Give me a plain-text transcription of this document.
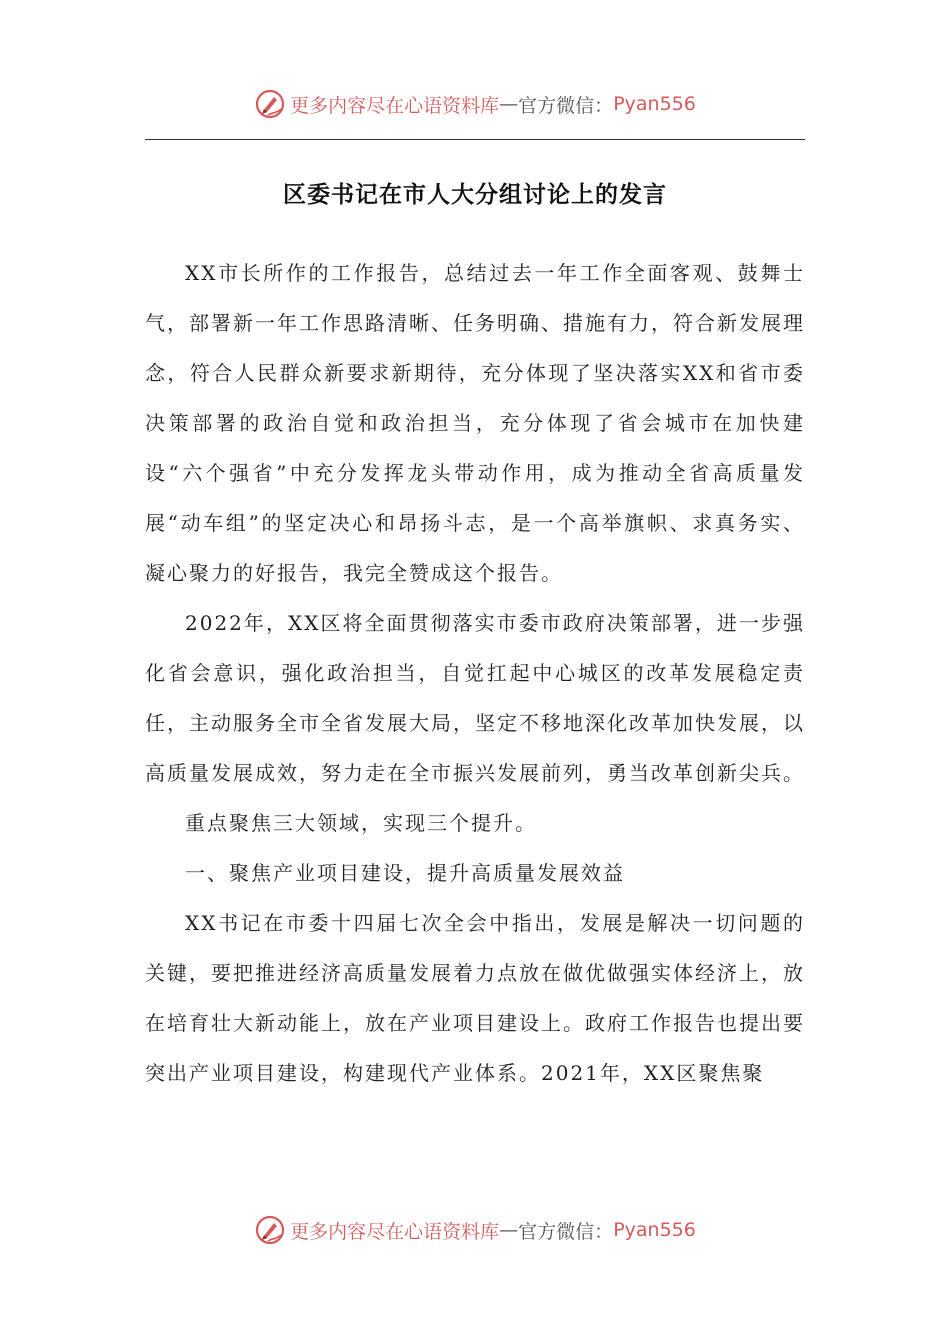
更多内容尽在心语资料库 — 官方微信： Pyan556
区委书记在市人大分组讨论上的发言

XX市长所作的工作报告，总结过去一年工作全面客观、鼓舞士气，部署新一年工作思路清晰、任务明确、措施有力，符合新发展理念，符合人民群众新要求新期待，充分体现了坚决落实XX和省市委决策部署的政治自觉和政治担当，充分体现了省会城市在加快建设“六个强省”中充分发挥龙头带动作用，成为推动全省高质量发展“动车组”的坚定决心和昂扬斗志，是一个高举旗帜、求真务实、凝心聚力的好报告，我完全赞成这个报告。

2022年，XX区将全面贯彻落实市委市政府决策部署，进一步强化省会意识，强化政治担当，自觉扛起中心城区的改革发展稳定责任，主动服务全市全省发展大局，坚定不移地深化改革加快发展，以高质量发展成效，努力走在全市振兴发展前列，勇当改革创新尖兵。

重点聚焦三大领域，实现三个提升。

一、聚焦产业项目建设，提升高质量发展效益

XX书记在市委十四届七次全会中指出，发展是解决一切问题的关键，要把推进经济高质量发展着力点放在做优做强实体经济上，放在培育壮大新动能上，放在产业项目建设上。政府工作报告也提出要突出产业项目建设，构建现代产业体系。2021年，XX区聚焦聚

更多内容尽在心语资料库 — 官方微信： Pyan556
